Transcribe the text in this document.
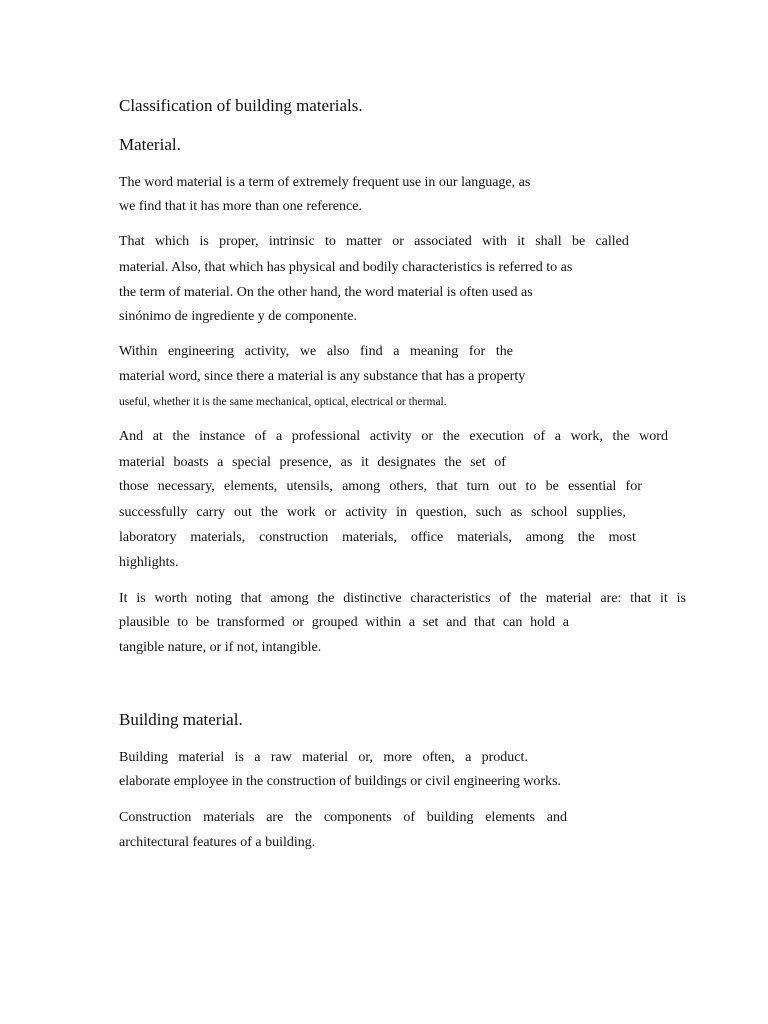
Classification of building materials.
Material.
The word material is a term of extremely frequent use in our language, as
we find that it has more than one reference.
That which is proper, intrinsic to matter or associated with it shall be called
material. Also, that which has physical and bodily characteristics is referred to as
the term of material. On the other hand, the word material is often used as
sinónimo de ingrediente y de componente.
Within engineering activity, we also find a meaning for the
material word, since there a material is any substance that has a property
useful, whether it is the same mechanical, optical, electrical or thermal.
And at the instance of a professional activity or the execution of a work, the word
material boasts a special presence, as it designates the set of
those necessary, elements, utensils, among others, that turn out to be essential for
successfully carry out the work or activity in question, such as school supplies,
laboratory materials, construction materials, office materials, among the most
highlights.
It is worth noting that among the distinctive characteristics of the material are: that it is
plausible to be transformed or grouped within a set and that can hold a
tangible nature, or if not, intangible.
Building material.
Building material is a raw material or, more often, a product.
elaborate employee in the construction of buildings or civil engineering works.
Construction materials are the components of building elements and
architectural features of a building.
